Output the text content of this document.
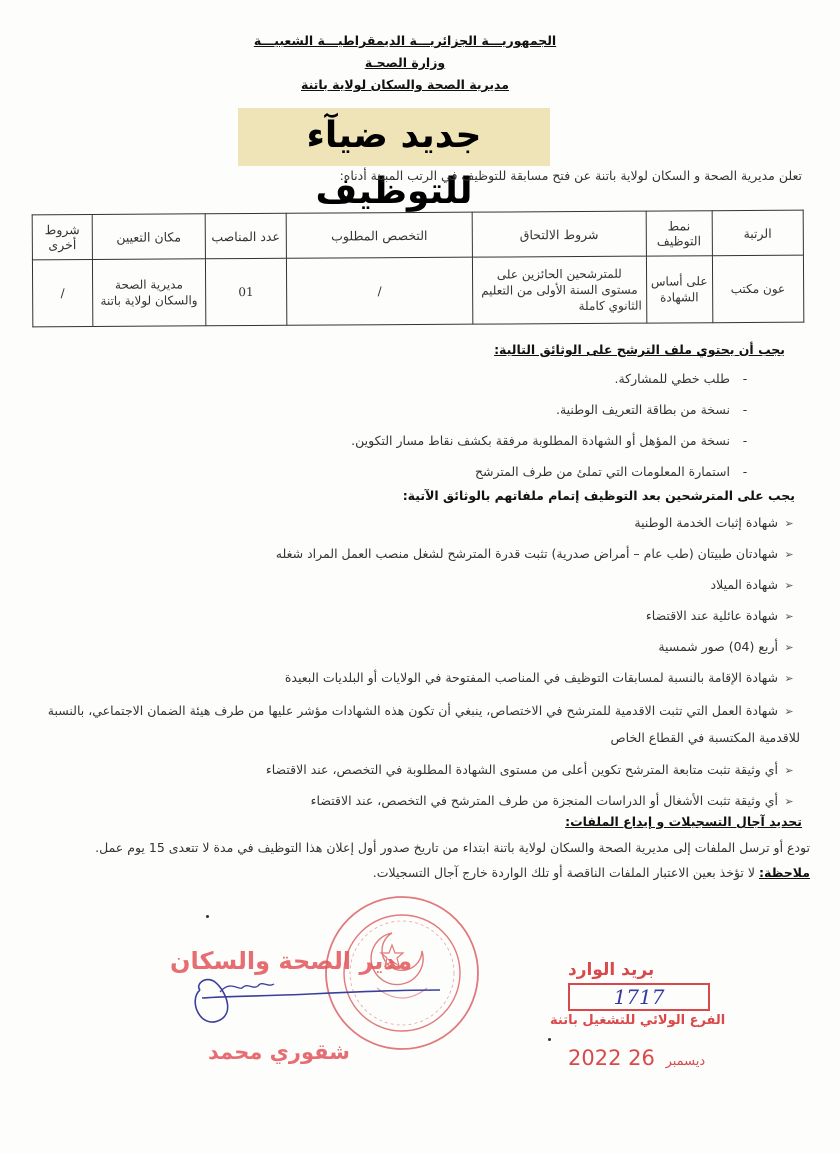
الجمهوريـــة الجزائريـــة الديمقراطيـــة الشعبيـــة
وزارة الصحـة
مديرية الصحة والسكان لولاية باتنة
جديد ضيآء للتوظيف
تعلن مديرية الصحة و السكان لولاية باتنة عن فتح مسابقة للتوظيف في الرتب المبينة أدناه:
الرتبة	نمط التوظيف	شروط الالتحاق	التخصص المطلوب	عدد المناصب	مكان التعيين	شروط أخرى
عون مكتب	على أساس الشهادة	للمترشحين الحائزين على مستوى السنة الأولى من التعليم الثانوي كاملة	/	01	مديرية الصحة والسكان لولاية باتنة	/
يجب أن يحتوي ملف الترشح على الوثائق التالية:
-طلب خطي للمشاركة.
-نسخة من بطاقة التعريف الوطنية.
-نسخة من المؤهل أو الشهادة المطلوبة مرفقة بكشف نقاط مسار التكوين.
-استمارة المعلومات التي تملئ من طرف المترشح
يجب على المترشحين بعد التوظيف إتمام ملفاتهم بالوثائق الآتية:
➢شهادة إثبات الخدمة الوطنية
➢شهادتان طبيتان (طب عام – أمراض صدرية) تثبت قدرة المترشح لشغل منصب العمل المراد شغله
➢شهادة الميلاد
➢شهادة عائلية عند الاقتضاء
➢أربع (04) صور شمسية
➢شهادة الإقامة بالنسبة لمسابقات التوظيف في المناصب المفتوحة في الولايات أو البلديات البعيدة
➢شهادة العمل التي تثبت الاقدمية للمترشح في الاختصاص، ينبغي أن تكون هذه الشهادات مؤشر عليها من طرف هيئة الضمان الاجتماعي، بالنسبة للاقدمية المكتسبة في القطاع الخاص
➢أي وثيقة تثبت متابعة المترشح تكوين أعلى من مستوى الشهادة المطلوبة في التخصص، عند الاقتضاء
➢أي وثيقة تثبت الأشغال أو الدراسات المنجزة من طرف المترشح في التخصص، عند الاقتضاء
تحديد آجال التسجيلات و إيداع الملفات:
تودع أو ترسل الملفات إلى مديرية الصحة والسكان لولاية باتنة ابتداء من تاريخ صدور أول إعلان هذا التوظيف في مدة لا تتعدى 15 يوم عمل.
ملاحظة: لا تؤخذ بعين الاعتبار الملفات الناقصة أو تلك الواردة خارج آجال التسجيلات.
مدير الصحة والسكان
شقوري محمد
بريد الوارد
1717
الفرع الولائي للتشغيل باتنة
2022	ديسمبر 26
